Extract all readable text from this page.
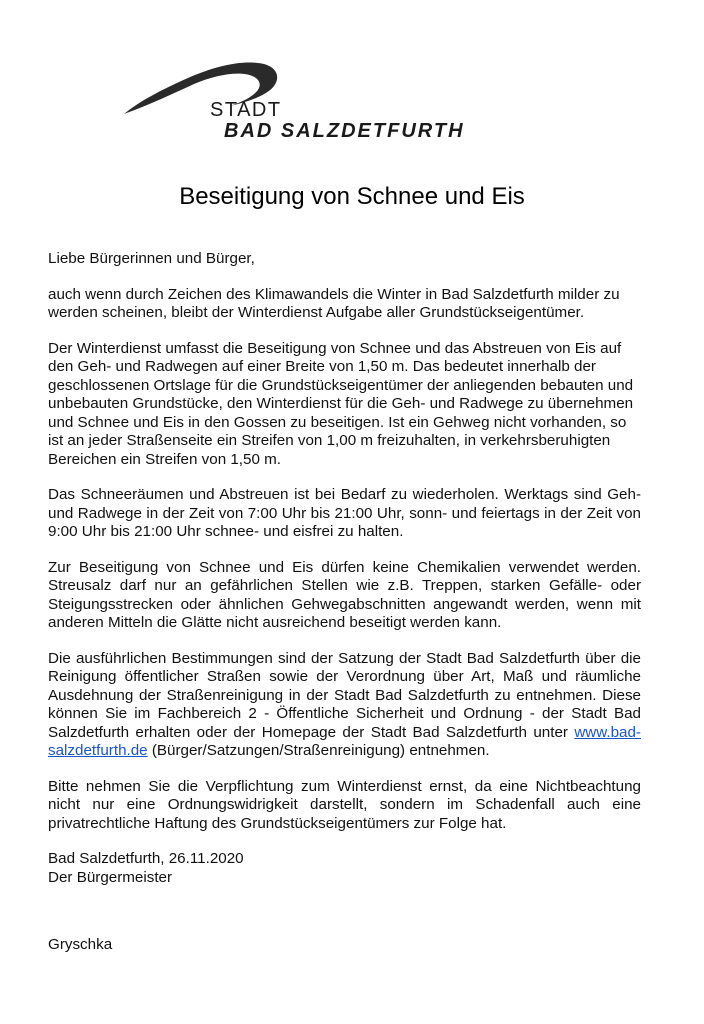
STADT
BAD SALZDETFURTH
Beseitigung von Schnee und Eis

Liebe Bürgerinnen und Bürger,

auch wenn durch Zeichen des Klimawandels die Winter in Bad Salzdetfurth milder zu werden scheinen, bleibt der Winterdienst Aufgabe aller Grundstückseigentümer.

Der Winterdienst umfasst die Beseitigung von Schnee und das Abstreuen von Eis auf den Geh- und Radwegen auf einer Breite von 1,50 m. Das bedeutet innerhalb der geschlossenen Ortslage für die Grundstückseigentümer der anliegenden bebauten und unbebauten Grundstücke, den Winterdienst für die Geh- und Radwege zu übernehmen und Schnee und Eis in den Gossen zu beseitigen. Ist ein Gehweg nicht vorhanden, so ist an jeder Straßenseite ein Streifen von 1,00 m freizuhalten, in verkehrsberuhigten Bereichen ein Streifen von 1,50 m.

Das Schneeräumen und Abstreuen ist bei Bedarf zu wiederholen. Werktags sind Geh- und Radwege in der Zeit von 7:00 Uhr bis 21:00 Uhr, sonn- und feiertags in der Zeit von 9:00 Uhr bis 21:00 Uhr schnee- und eisfrei zu halten.

Zur Beseitigung von Schnee und Eis dürfen keine Chemikalien verwendet werden. Streusalz darf nur an gefährlichen Stellen wie z.B. Treppen, starken Gefälle- oder Steigungsstrecken oder ähnlichen Gehwegabschnitten angewandt werden, wenn mit anderen Mitteln die Glätte nicht ausreichend beseitigt werden kann.

Die ausführlichen Bestimmungen sind der Satzung der Stadt Bad Salzdetfurth über die Reinigung öffentlicher Straßen sowie der Verordnung über Art, Maß und räumliche Ausdehnung der Straßenreinigung in der Stadt Bad Salzdetfurth zu entnehmen. Diese können Sie im Fachbereich 2 - Öffentliche Sicherheit und Ordnung - der Stadt Bad Salzdetfurth erhalten oder der Homepage der Stadt Bad Salzdetfurth unter www.bad-salzdetfurth.de (Bürger/Satzungen/Straßenreinigung) entnehmen.

Bitte nehmen Sie die Verpflichtung zum Winterdienst ernst, da eine Nichtbeachtung nicht nur eine Ordnungswidrigkeit darstellt, sondern im Schadenfall auch eine privatrechtliche Haftung des Grundstückseigentümers zur Folge hat.

Bad Salzdetfurth, 26.11.2020
Der Bürgermeister
Gryschka
